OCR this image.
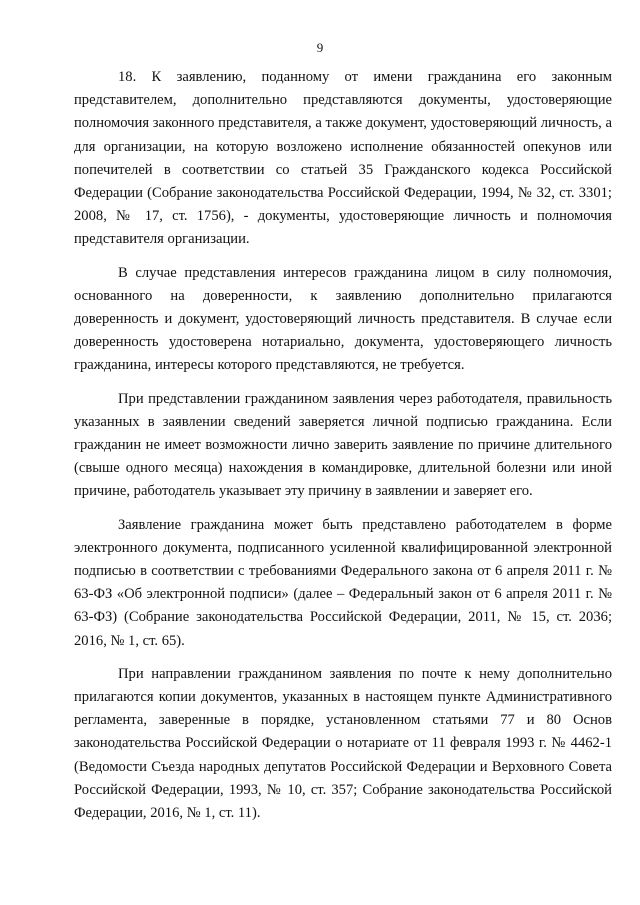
9

18. К заявлению, поданному от имени гражданина его законным представителем, дополнительно представляются документы, удостоверяющие полномочия законного представителя, а также документ, удостоверяющий личность, а для организации, на которую возложено исполнение обязанностей опекунов или попечителей в соответствии со статьей 35 Гражданского кодекса Российской Федерации (Собрание законодательства Российской Федерации, 1994, № 32, ст. 3301; 2008, № 17, ст. 1756), - документы, удостоверяющие личность и полномочия представителя организации.

В случае представления интересов гражданина лицом в силу полномочия, основанного на доверенности, к заявлению дополнительно прилагаются доверенность и документ, удостоверяющий личность представителя. В случае если доверенность удостоверена нотариально, документа, удостоверяющего личность гражданина, интересы которого представляются, не требуется.

При представлении гражданином заявления через работодателя, правильность указанных в заявлении сведений заверяется личной подписью гражданина. Если гражданин не имеет возможности лично заверить заявление по причине длительного (свыше одного месяца) нахождения в командировке, длительной болезни или иной причине, работодатель указывает эту причину в заявлении и заверяет его.

Заявление гражданина может быть представлено работодателем в форме электронного документа, подписанного усиленной квалифицированной электронной подписью в соответствии с требованиями Федерального закона от 6 апреля 2011 г. № 63-ФЗ «Об электронной подписи» (далее – Федеральный закон от 6 апреля 2011 г. № 63-ФЗ) (Собрание законодательства Российской Федерации, 2011, № 15, ст. 2036; 2016, № 1, ст. 65).

При направлении гражданином заявления по почте к нему дополнительно прилагаются копии документов, указанных в настоящем пункте Административного регламента, заверенные в порядке, установленном статьями 77 и 80 Основ законодательства Российской Федерации о нотариате от 11 февраля 1993 г. № 4462-1 (Ведомости Съезда народных депутатов Российской Федерации и Верховного Совета Российской Федерации, 1993, № 10, ст. 357; Собрание законодательства Российской Федерации, 2016, № 1, ст. 11).
